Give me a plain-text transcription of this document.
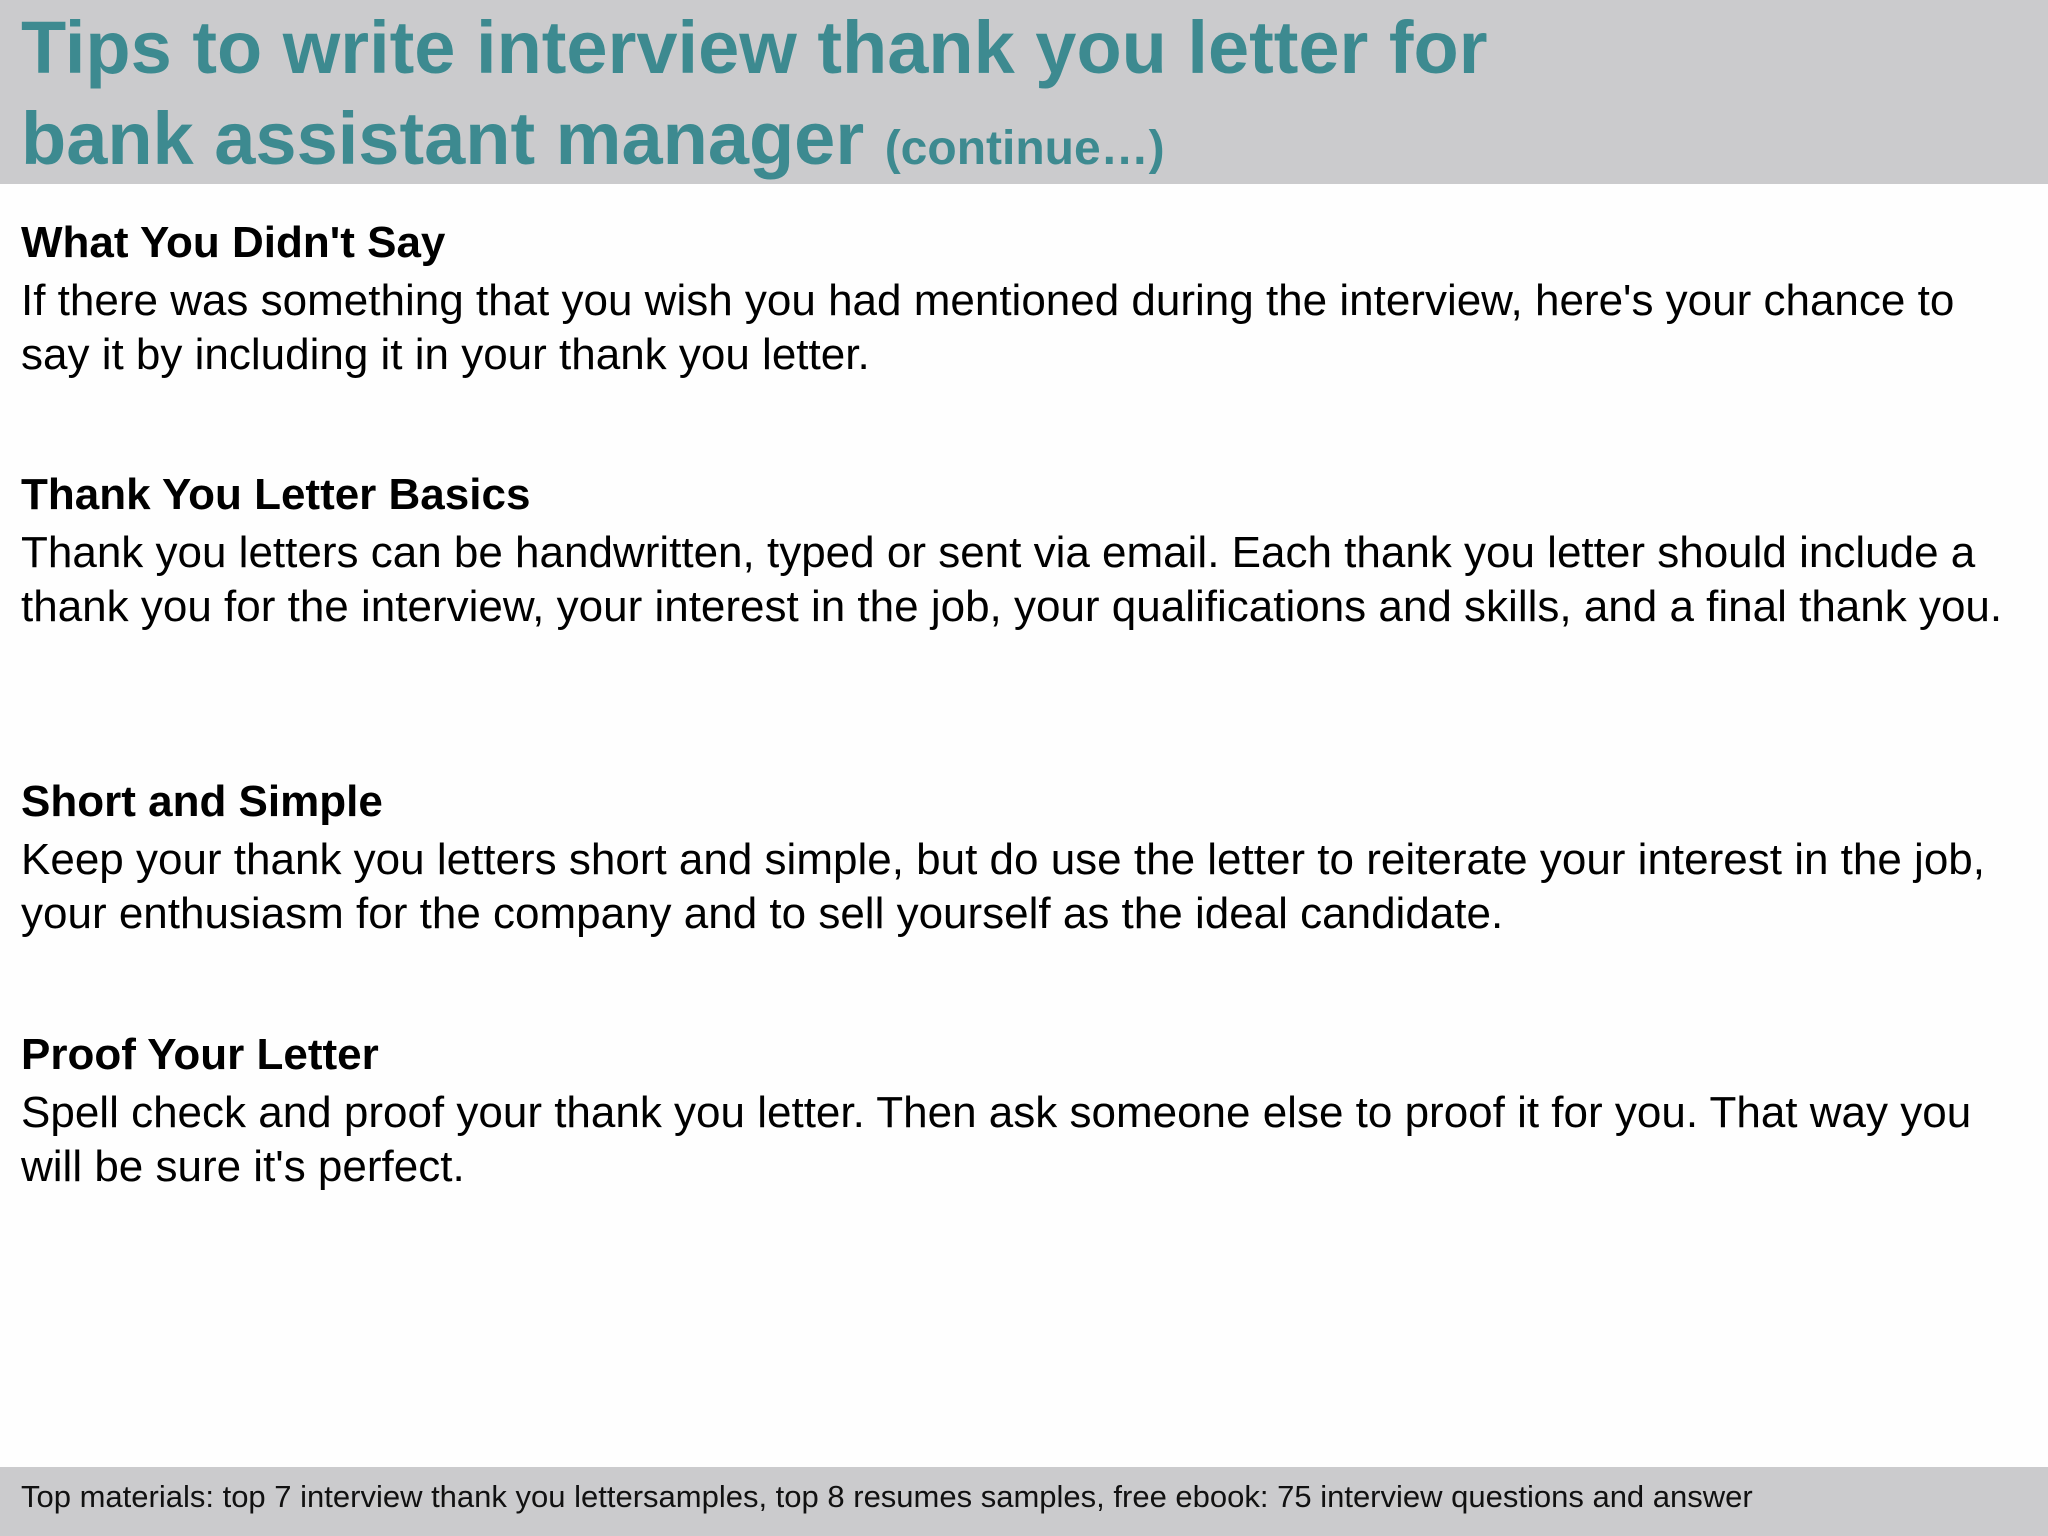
Tips to write interview thank you letter for
bank assistant manager (continue…)

What You Didn't Say

If there was something that you wish you had mentioned during the interview, here's your chance to say it by including it in your thank you letter.

Thank You Letter Basics

Thank you letters can be handwritten, typed or sent via email. Each thank you letter should include a thank you for the interview, your interest in the job, your qualifications and skills, and a final thank you.

Short and Simple

Keep your thank you letters short and simple, but do use the letter to reiterate your interest in the job, your enthusiasm for the company and to sell yourself as the ideal candidate.

Proof Your Letter

Spell check and proof your thank you letter. Then ask someone else to proof it for you. That way you will be sure it's perfect.

Top materials: top 7 interview thank you lettersamples, top 8 resumes samples, free ebook: 75 interview questions and answer
